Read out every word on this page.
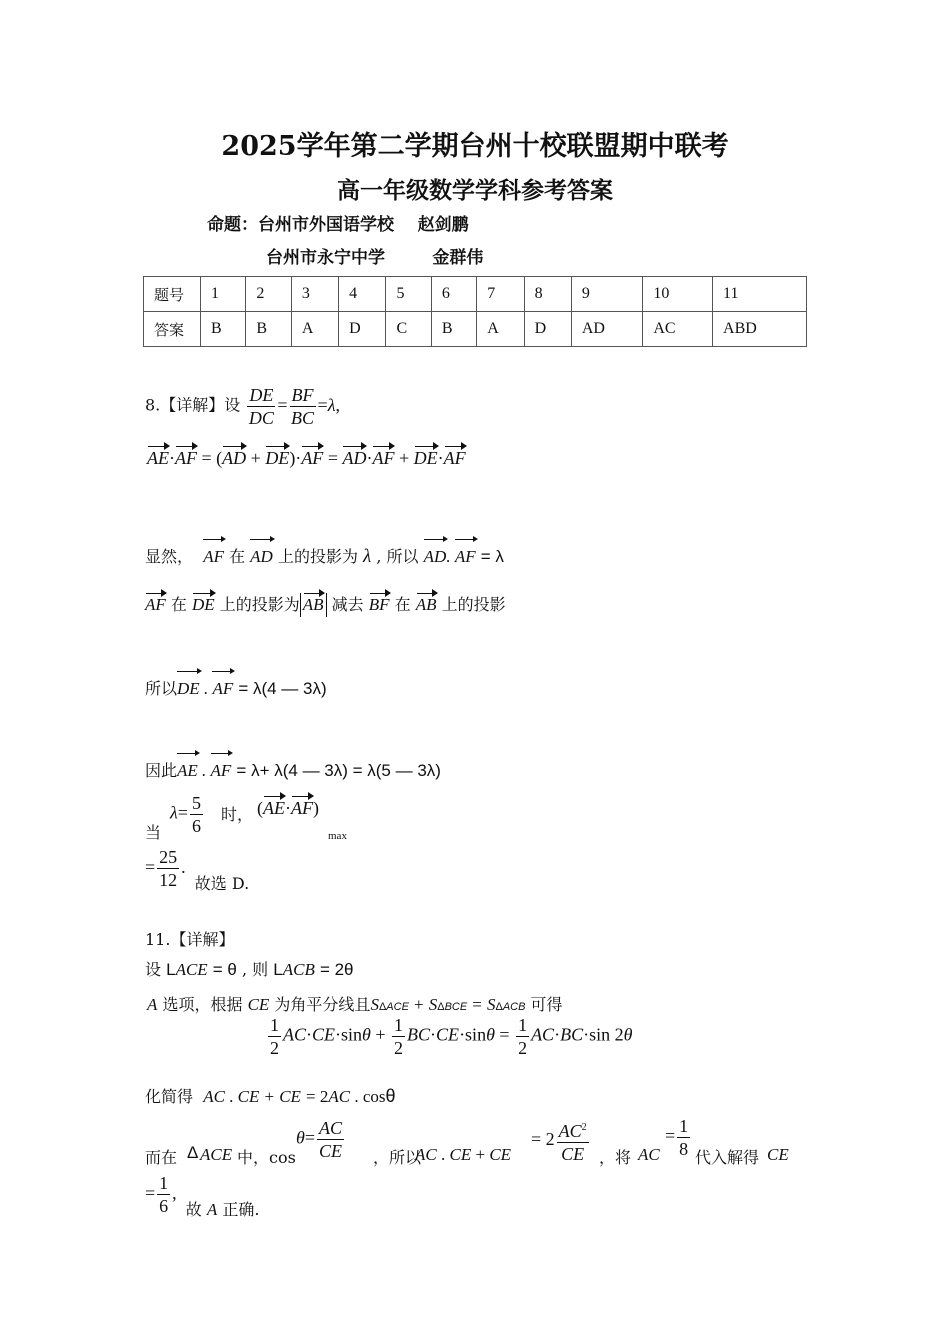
2025学年第二学期台州十校联盟期中联考
高一年级数学学科参考答案
命题：台州市外国语学校 赵剑鹏
台州市永宁中学	金群伟
题号	1	2	3	4	5	6	7	8	9	10	11
答案	B	B	A	D	C	B	A	D	AD	AC	ABD
8.【详解】设 $\frac{DE}{DC} = \frac{BF}{BC} =\lambda$,
AE·AF = (AD + DE)·AF = AD·AF + DE·AF
显然， AF 在 AD 上的投影为 λ , 所以 AD. AF = λ
AF 在 DE 上的投影为 AB 减去 BF 在 AB 上的投影
所以DE . AF = λ(4 — 3λ)
因此AE . AF = λ+ λ(4 — 3λ) = λ(5 — 3λ)
当
$\lambda= \frac{5}{6}$ 时， (AE·AF)
max
= $\frac{25}{12}$ . 故选 D.
11.【详解】
设 LACE = θ , 则 LACB = 2θ
A 选项，根据 CE 为角平分线且SΔACE + SΔBCE = SΔACB 可得
$\frac{1}{2} AC\cdot CE\cdot\sin\theta + \frac{1}{2} BC\cdot CE\cdot\sin\theta = \frac{1}{2} AC\cdot BC\cdot\sin$ 2θ
化简得 AC . CE + CE = 2AC . cosθ
而在 Δ ACE 中，cos
$\theta= \frac{AC}{CE}$ ，所以
AC . CE + CE
= $2 \frac{AC^2}{CE}$ ，将 AC
= $\frac{1}{8}$ 代入解得 CE
= $\frac{1}{6}$ , 故 A 正确.
